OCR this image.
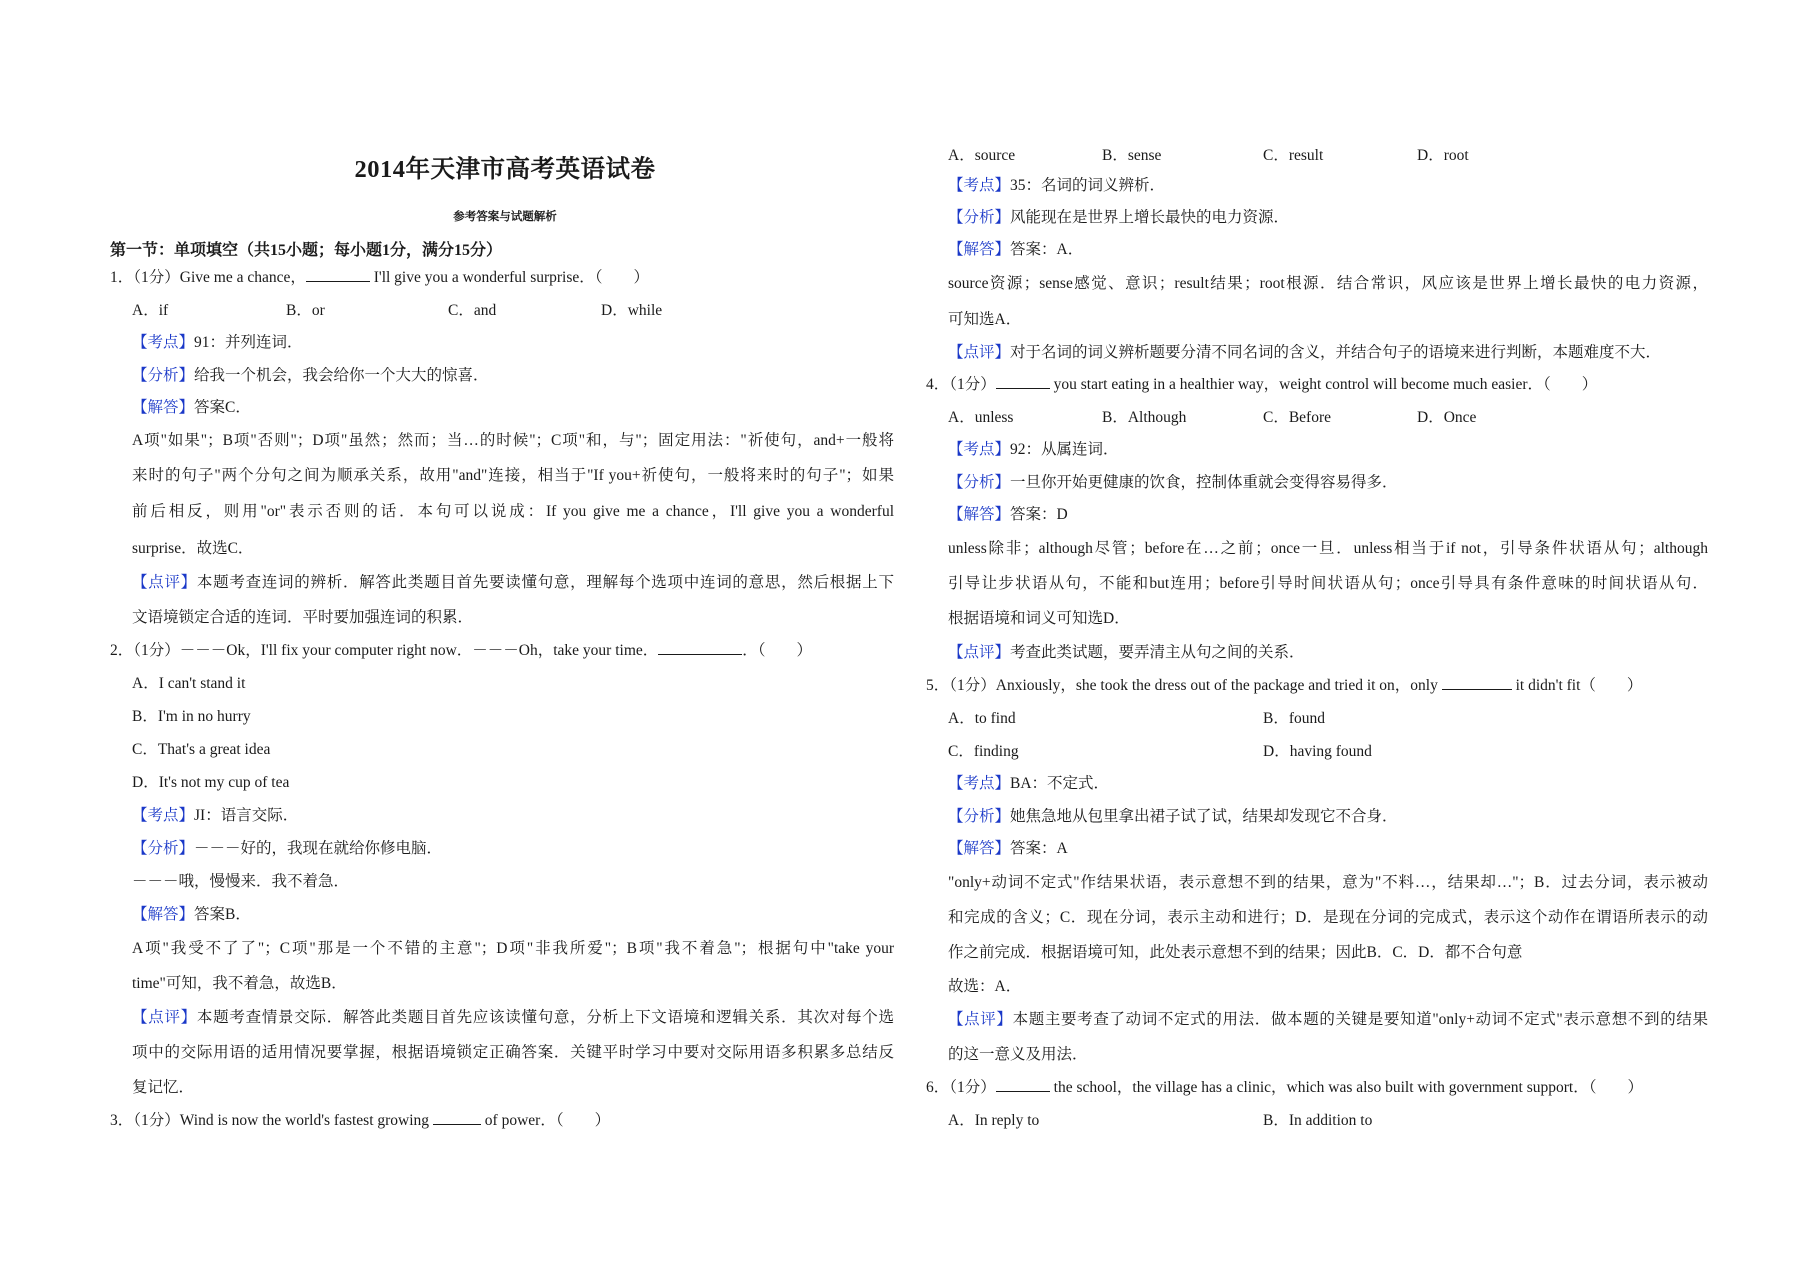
2014年天津市高考英语试卷
参考答案与试题解析
第一节：单项填空（共15小题；每小题1分，满分15分）
1．（1分）Give me a chance，	I'll give you a wonderful surprise．（　　）
A．if	B．or	C．and	D．while
【考点】91：并列连词．
【分析】给我一个机会，我会给你一个大大的惊喜．
【解答】答案C．
A项"如果"；B项"否则"；D项"虽然；然而；当…的时候"；C项"和，与"；固定用法："祈使句，and+一般将
来时的句子"两个分句之间为顺承关系，故用"and"连接，相当于"If you+祈使句，一般将来时的句子"；如果
前后相反，则用"or"表示否则的话．本句可以说成：If you give me a chance，I'll give you a wonderful
surprise．故选C．
【点评】本题考查连词的辨析．解答此类题目首先要读懂句意，理解每个选项中连词的意思，然后根据上下
文语境锁定合适的连词．平时要加强连词的积累．
2．（1分）－－－Ok，I'll fix your computer right now．－－－Oh，take your time．	．（　　）
A．I can't stand it
B．I'm in no hurry
C．That's a great idea
D．It's not my cup of tea
【考点】JI：语言交际．
【分析】－－－好的，我现在就给你修电脑．
－－－哦，慢慢来．我不着急．
【解答】答案B．
A项"我受不了了"；C项"那是一个不错的主意"；D项"非我所爱"；B项"我不着急"；根据句中"take your
time"可知，我不着急，故选B．
【点评】本题考查情景交际．解答此类题目首先应该读懂句意，分析上下文语境和逻辑关系．其次对每个选
项中的交际用语的适用情况要掌握，根据语境锁定正确答案．关键平时学习中要对交际用语多积累多总结反
复记忆．
3．（1分）Wind is now the world's fastest growing	of power．（　　）
A．source	B．sense	C．result	D．root
【考点】35：名词的词义辨析．
【分析】风能现在是世界上增长最快的电力资源．
【解答】答案：A．
source资源；sense感觉、意识；result结果；root根源．结合常识，风应该是世界上增长最快的电力资源，
可知选A．
【点评】对于名词的词义辨析题要分清不同名词的含义，并结合句子的语境来进行判断，本题难度不大．
4．（1分）	you start eating in a healthier way，weight control will become much easier．（　　）
A．unless	B．Although	C．Before	D．Once
【考点】92：从属连词．
【分析】一旦你开始更健康的饮食，控制体重就会变得容易得多．
【解答】答案：D
unless除非；although尽管；before在…之前；once一旦．unless相当于if not，引导条件状语从句；although
引导让步状语从句，不能和but连用；before引导时间状语从句；once引导具有条件意味的时间状语从句．
根据语境和词义可知选D．
【点评】考查此类试题，要弄清主从句之间的关系．
5．（1分）Anxiously，she took the dress out of the package and tried it on，only	it didn't fit（　　）
A．to find	B．found
C．finding	D．having found
【考点】BA：不定式．
【分析】她焦急地从包里拿出裙子试了试，结果却发现它不合身．
【解答】答案：A
"only+动词不定式"作结果状语，表示意想不到的结果，意为"不料…，结果却…"；B．过去分词，表示被动
和完成的含义；C．现在分词，表示主动和进行；D．是现在分词的完成式，表示这个动作在谓语所表示的动
作之前完成．根据语境可知，此处表示意想不到的结果；因此B．C．D．都不合句意
故选：A．
【点评】本题主要考查了动词不定式的用法．做本题的关键是要知道"only+动词不定式"表示意想不到的结果
的这一意义及用法．
6．（1分）	the school，the village has a clinic，which was also built with government support．（　　）
A．In reply to	B．In addition to
